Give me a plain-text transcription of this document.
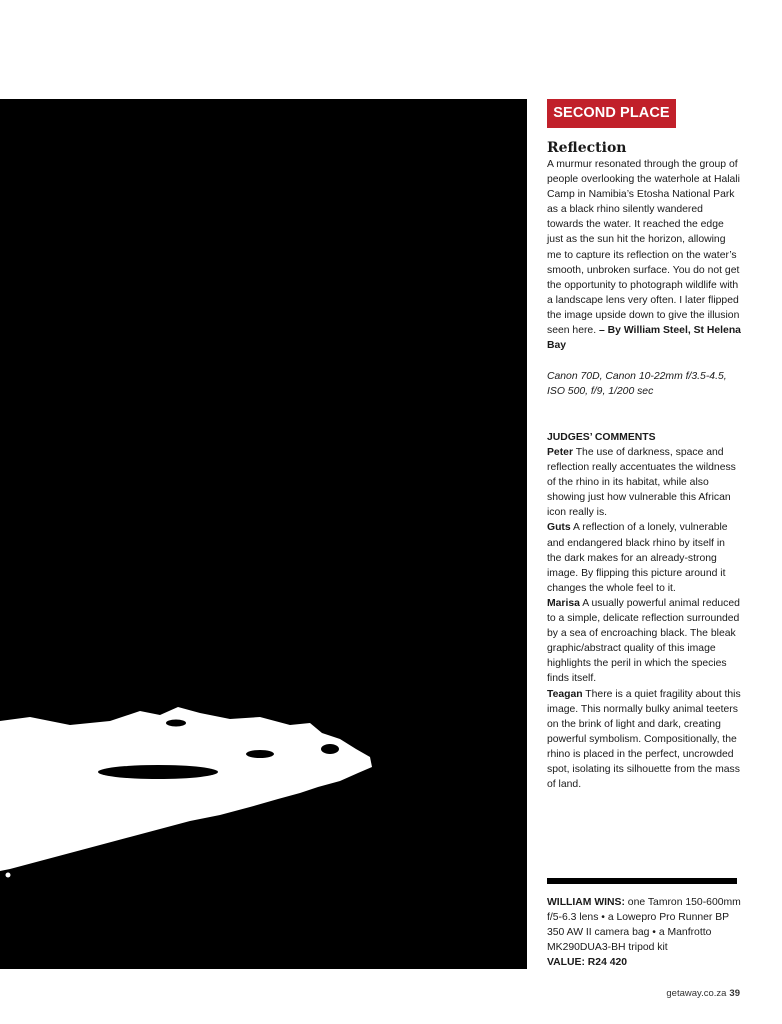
SECOND PLACE
Reflection

A murmur resonated through the group of people overlooking the waterhole at Halali Camp in Namibia’s Etosha National Park as a black rhino silently wandered towards the water. It reached the edge just as the sun hit the horizon, allowing me to capture its reflection on the water’s smooth, unbroken surface. You do not get the opportunity to photograph wildlife with a landscape lens very often. I later flipped the image upside down to give the illusion seen here. – By William Steel, St Helena Bay

Canon 70D, Canon 10-22mm f/3.5-4.5, ISO 500, f/9, 1/200 sec

JUDGES’ COMMENTS
Peter The use of darkness, space and reflection really accentuates the wildness of the rhino in its habitat, while also showing just how vulnerable this African icon really is.
Guts A reflection of a lonely, vulnerable and endangered black rhino by itself in the dark makes for an already-strong image. By flipping this picture around it changes the whole feel to it.
Marisa A usually powerful animal reduced to a simple, delicate reflection surrounded by a sea of encroaching black. The bleak graphic/abstract quality of this image highlights the peril in which the species finds itself.
Teagan There is a quiet fragility about this image. This normally bulky animal teeters on the brink of light and dark, creating powerful symbolism. Compositionally, the rhino is placed in the perfect, uncrowded spot, isolating its silhouette from the mass of land.
WILLIAM WINS: one Tamron 150-600mm f/5-6.3 lens • a Lowepro Pro Runner BP 350 AW II camera bag • a Manfrotto MK290DUA3-BH tripod kit
VALUE: R24 420
getaway.co.za 39
